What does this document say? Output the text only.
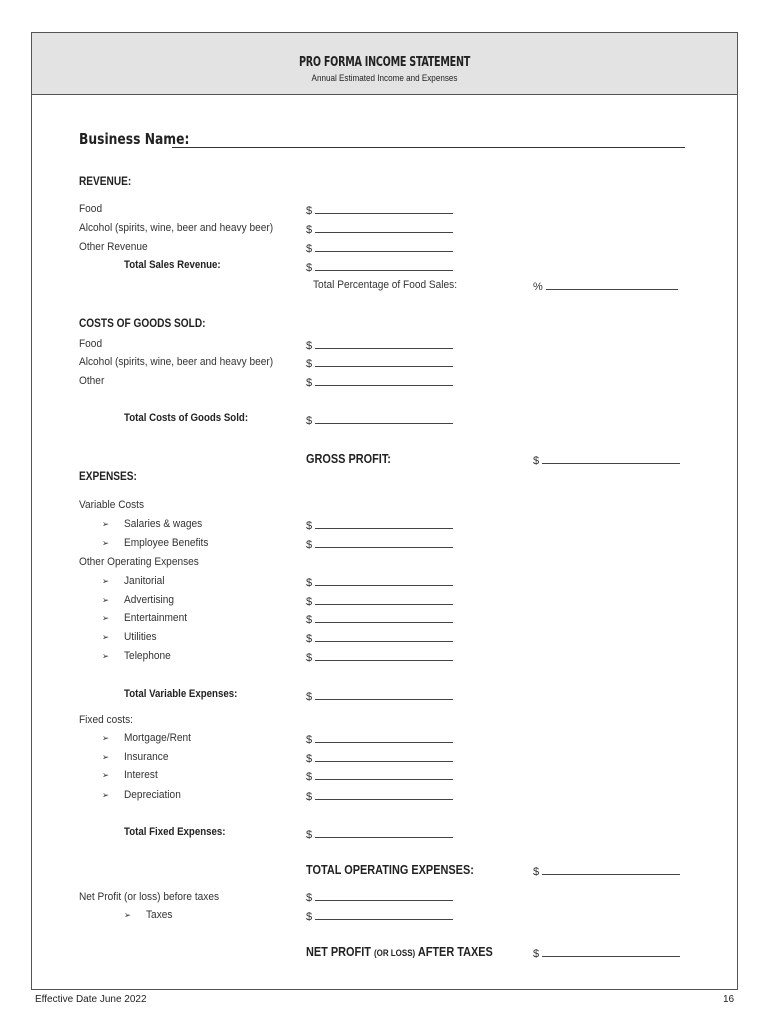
PRO FORMA INCOME STATEMENT
Annual Estimated Income and Expenses
Business Name:
REVENUE:
Food
Alcohol (spirits, wine, beer and heavy beer)
Other Revenue
Total Sales Revenue:
Total Percentage of Food Sales:
COSTS OF GOODS SOLD:
Food
Alcohol (spirits, wine, beer and heavy beer)
Other
Total Costs of Goods Sold:
GROSS PROFIT:
EXPENSES:
Variable Costs
➢ Salaries & wages
➢ Employee Benefits
Other Operating Expenses
➢ Janitorial
➢ Advertising
➢ Entertainment
➢ Utilities
➢ Telephone
Total Variable Expenses:
Fixed costs:
➢ Mortgage/Rent
➢ Insurance
➢ Interest
➢ Depreciation
Total Fixed Expenses:
TOTAL OPERATING EXPENSES:
Net Profit (or loss) before taxes
➢ Taxes
NET PROFIT (OR LOSS) AFTER TAXES
$
$
$
$
$
$
$
$
$
$
$
$
$
$
$
$
$
$
$
$
$
$
$
%
$
$
$
Effective Date June 2022	16
